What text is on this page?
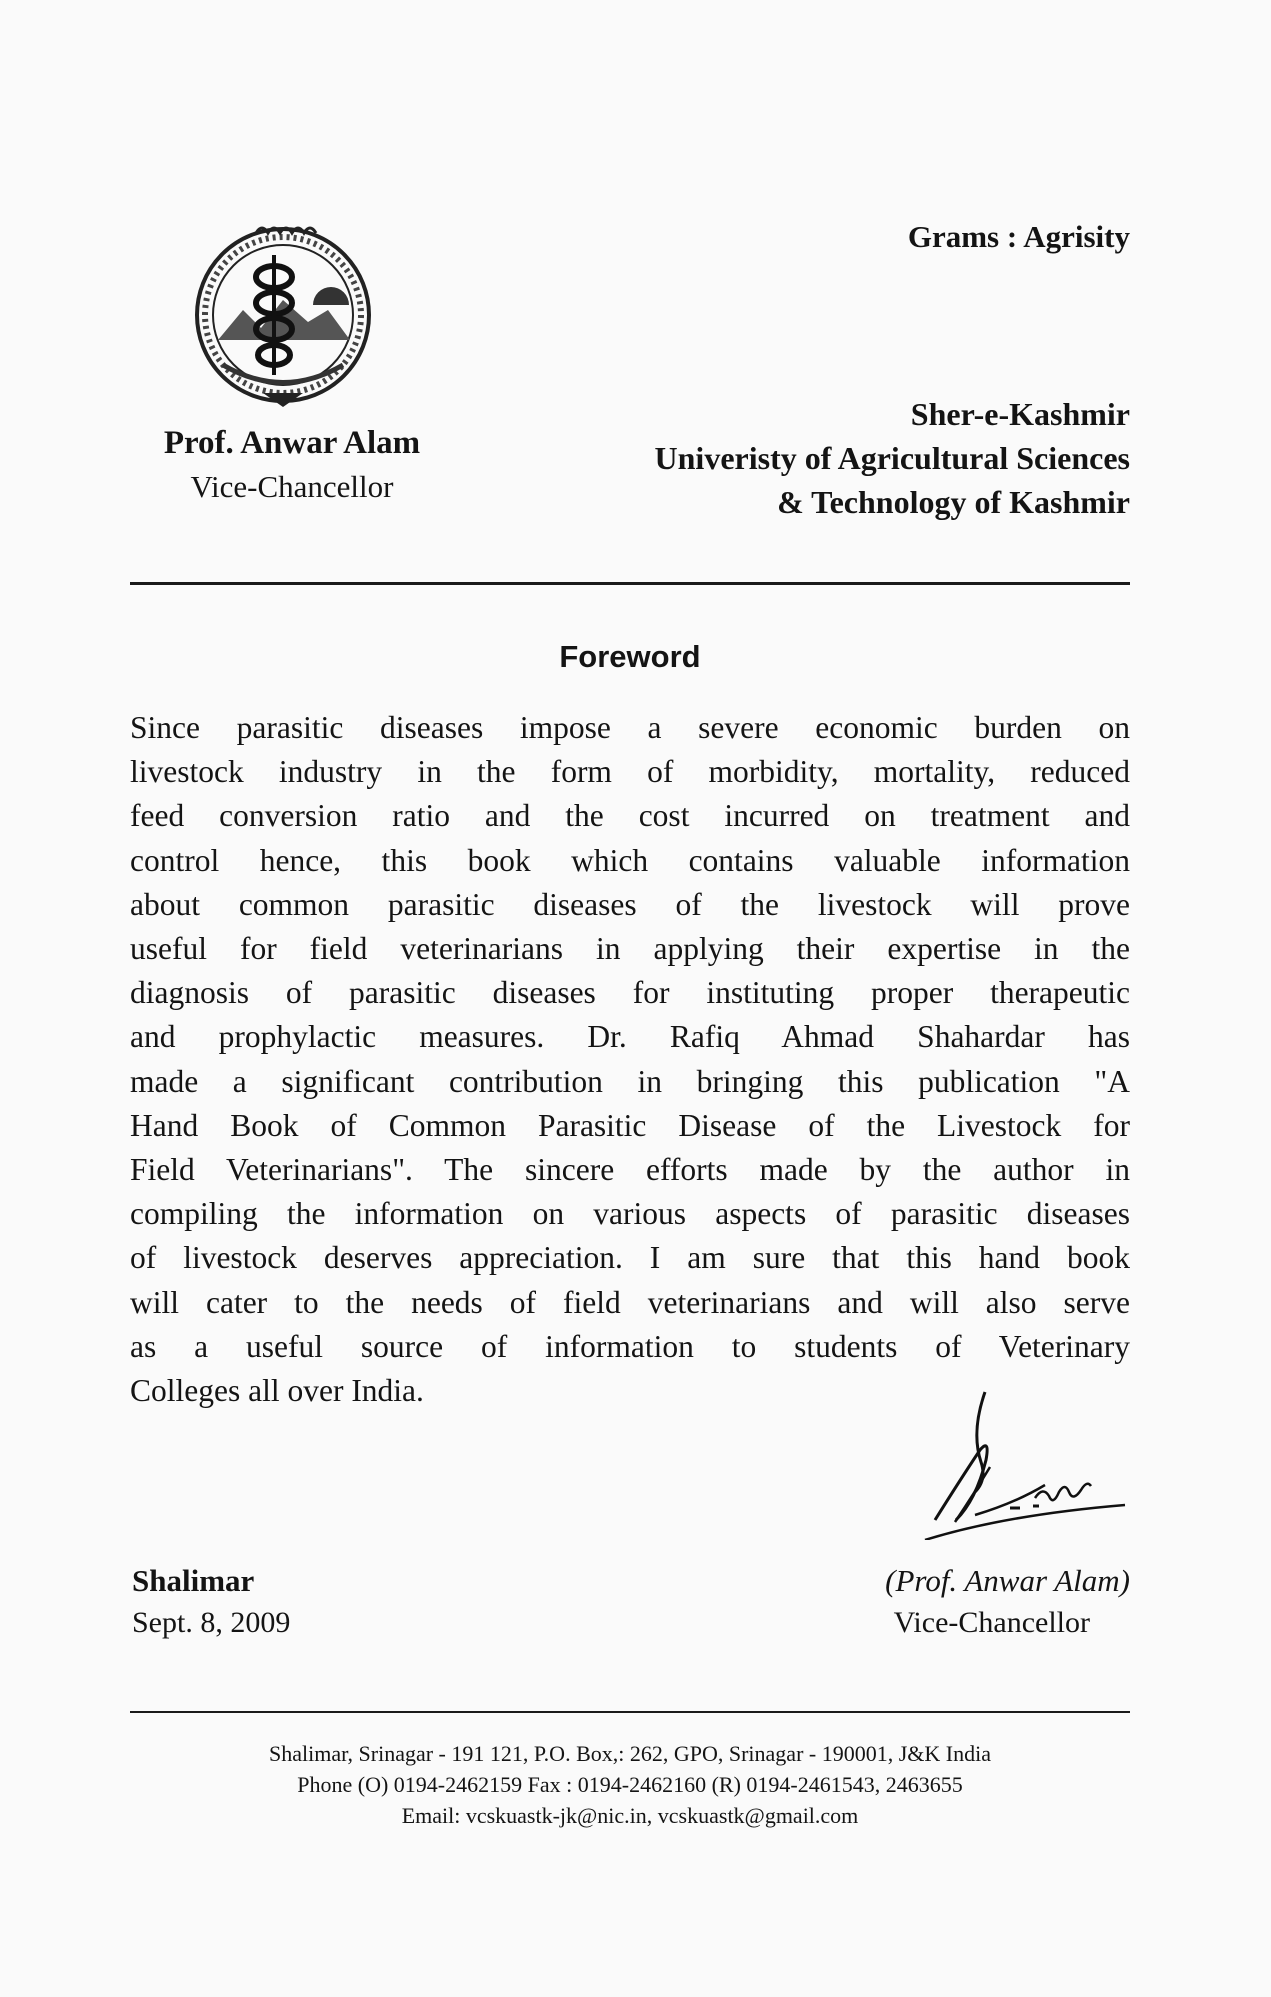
Grams : Agrisity
Prof. Anwar Alam
Vice-Chancellor
Sher-e-Kashmir
Univeristy of Agricultural Sciences
& Technology of Kashmir
Foreword
Since parasitic diseases impose a severe economic burden on
livestock industry in the form of morbidity, mortality, reduced
feed conversion ratio and the cost incurred on treatment and
control hence, this book which contains valuable information
about common parasitic diseases of the livestock will prove
useful for field veterinarians in applying their expertise in the
diagnosis of parasitic diseases for instituting proper therapeutic
and prophylactic measures. Dr. Rafiq Ahmad Shahardar has
made a significant contribution in bringing this publication "A
Hand Book of Common Parasitic Disease of the Livestock for
Field Veterinarians". The sincere efforts made by the author in
compiling the information on various aspects of parasitic diseases
of livestock deserves appreciation. I am sure that this hand book
will cater to the needs of field veterinarians and will also serve
as a useful source of information to students of Veterinary
Colleges all over India.
Shalimar
Sept. 8, 2009
(Prof. Anwar Alam)
Vice-Chancellor
Shalimar, Srinagar - 191 121, P.O. Box,: 262, GPO, Srinagar - 190001, J&K India
Phone (O) 0194-2462159 Fax : 0194-2462160 (R) 0194-2461543, 2463655
Email: vcskuastk-jk@nic.in, vcskuastk@gmail.com
